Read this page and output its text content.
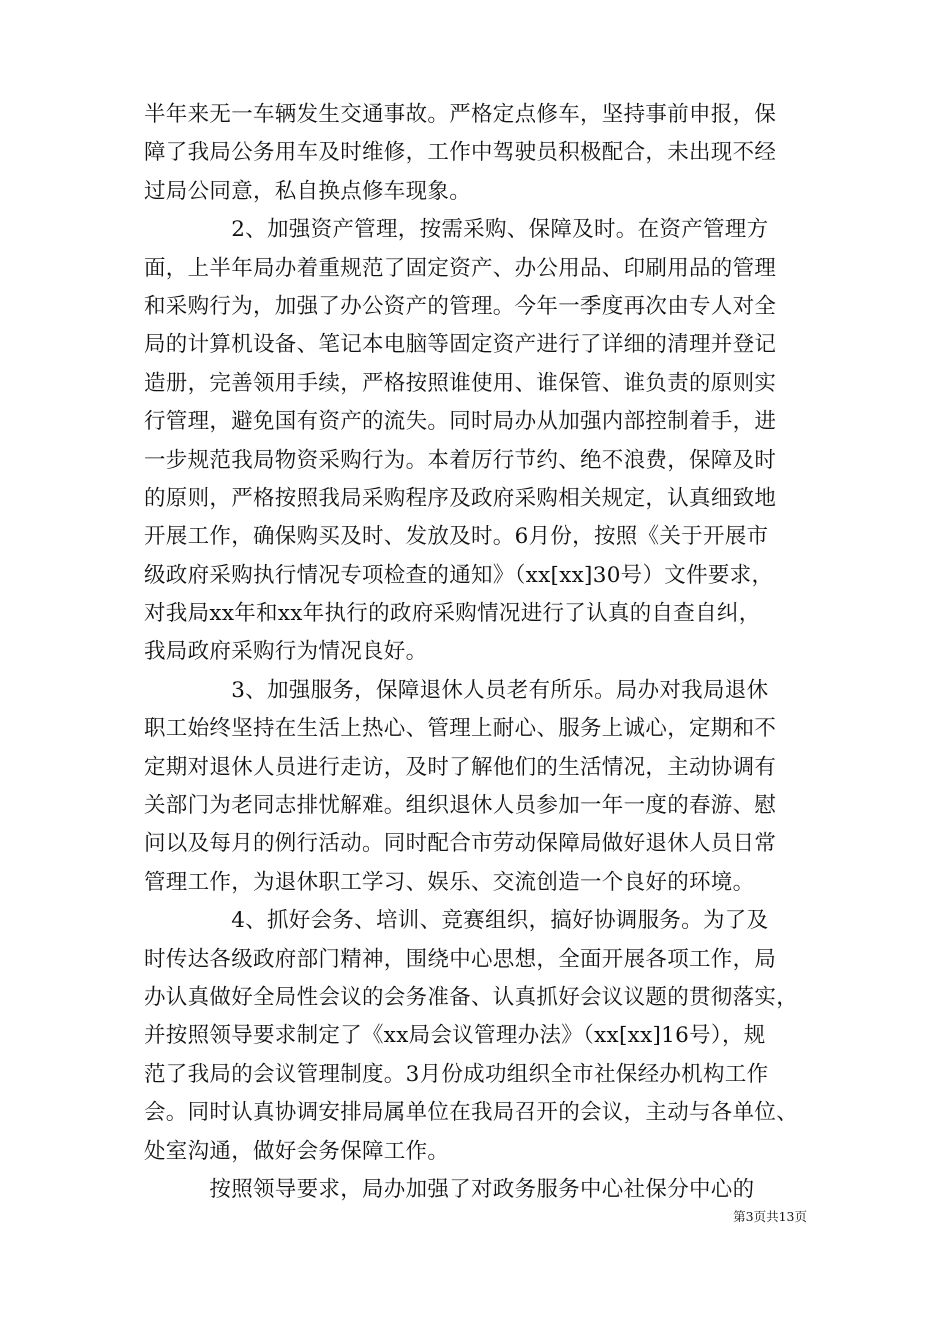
半年来无一车辆发生交通事故。严格定点修车，坚持事前申报，保
障了我局公务用车及时维修，工作中驾驶员积极配合，未出现不经
过局公同意，私自换点修车现象。
　　　　2、加强资产管理，按需采购、保障及时。在资产管理方
面，上半年局办着重规范了固定资产、办公用品、印刷用品的管理
和采购行为，加强了办公资产的管理。今年一季度再次由专人对全
局的计算机设备、笔记本电脑等固定资产进行了详细的清理并登记
造册，完善领用手续，严格按照谁使用、谁保管、谁负责的原则实
行管理，避免国有资产的流失。同时局办从加强内部控制着手，进
一步规范我局物资采购行为。本着厉行节约、绝不浪费，保障及时
的原则，严格按照我局采购程序及政府采购相关规定，认真细致地
开展工作，确保购买及时、发放及时。6月份，按照《关于开展市
级政府采购执行情况专项检查的通知》（xx[xx]30号）文件要求，
对我局xx年和xx年执行的政府采购情况进行了认真的自查自纠，
我局政府采购行为情况良好。
　　　　3、加强服务，保障退休人员老有所乐。局办对我局退休
职工始终坚持在生活上热心、管理上耐心、服务上诚心，定期和不
定期对退休人员进行走访，及时了解他们的生活情况，主动协调有
关部门为老同志排忧解难。组织退休人员参加一年一度的春游、慰
问以及每月的例行活动。同时配合市劳动保障局做好退休人员日常
管理工作，为退休职工学习、娱乐、交流创造一个良好的环境。
　　　　4、抓好会务、培训、竞赛组织，搞好协调服务。为了及
时传达各级政府部门精神，围绕中心思想，全面开展各项工作，局
办认真做好全局性会议的会务准备、认真抓好会议议题的贯彻落实，
并按照领导要求制定了《xx局会议管理办法》（xx[xx]16号），规
范了我局的会议管理制度。3月份成功组织全市社保经办机构工作
会。同时认真协调安排局属单位在我局召开的会议，主动与各单位、
处室沟通，做好会务保障工作。
　　　按照领导要求，局办加强了对政务服务中心社保分中心的
第3页共13页
